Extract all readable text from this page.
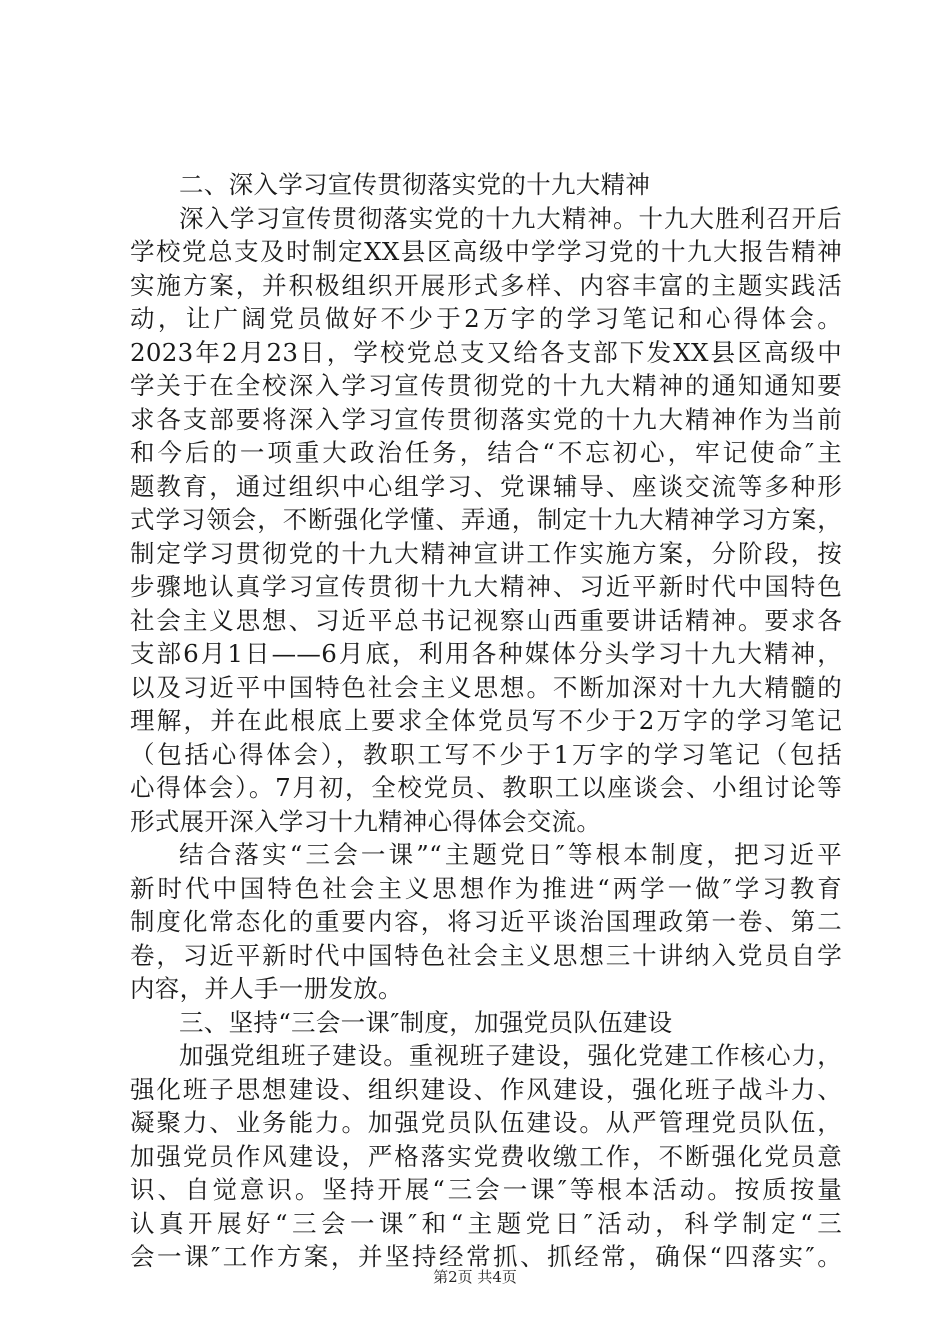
二、深入学习宣传贯彻落实党的十九大精神
深入学习宣传贯彻落实党的十九大精神。十九大胜利召开后
学校党总支及时制定XX县区高级中学学习党的十九大报告精神
实施方案，并积极组织开展形式多样、内容丰富的主题实践活
动，让广阔党员做好不少于2万字的学习笔记和心得体会。
2023年2月23日，学校党总支又给各支部下发XX县区高级中
学关于在全校深入学习宣传贯彻党的十九大精神的通知通知要
求各支部要将深入学习宣传贯彻落实党的十九大精神作为当前
和今后的一项重大政治任务，结合“不忘初心，牢记使命″主
题教育，通过组织中心组学习、党课辅导、座谈交流等多种形
式学习领会，不断强化学懂、弄通，制定十九大精神学习方案，
制定学习贯彻党的十九大精神宣讲工作实施方案，分阶段，按
步骤地认真学习宣传贯彻十九大精神、习近平新时代中国特色
社会主义思想、习近平总书记视察山西重要讲话精神。要求各
支部6月1日——6月底，利用各种媒体分头学习十九大精神，
以及习近平中国特色社会主义思想。不断加深对十九大精髓的
理解，并在此根底上要求全体党员写不少于2万字的学习笔记
（包括心得体会），教职工写不少于1万字的学习笔记（包括
心得体会）。7月初，全校党员、教职工以座谈会、小组讨论等
形式展开深入学习十九精神心得体会交流。
结合落实“三会一课”“主题党日″等根本制度，把习近平
新时代中国特色社会主义思想作为推进“两学一做″学习教育
制度化常态化的重要内容，将习近平谈治国理政第一卷、第二
卷，习近平新时代中国特色社会主义思想三十讲纳入党员自学
内容，并人手一册发放。
三、坚持“三会一课″制度，加强党员队伍建设
加强党组班子建设。重视班子建设，强化党建工作核心力，
强化班子思想建设、组织建设、作风建设，强化班子战斗力、
凝聚力、业务能力。加强党员队伍建设。从严管理党员队伍，
加强党员作风建设，严格落实党费收缴工作，不断强化党员意
识、自觉意识。坚持开展“三会一课″等根本活动。按质按量
认真开展好“三会一课″和“主题党日″活动，科学制定“三
会一课″工作方案，并坚持经常抓、抓经常，确保“四落实″。
第2页 共4页
